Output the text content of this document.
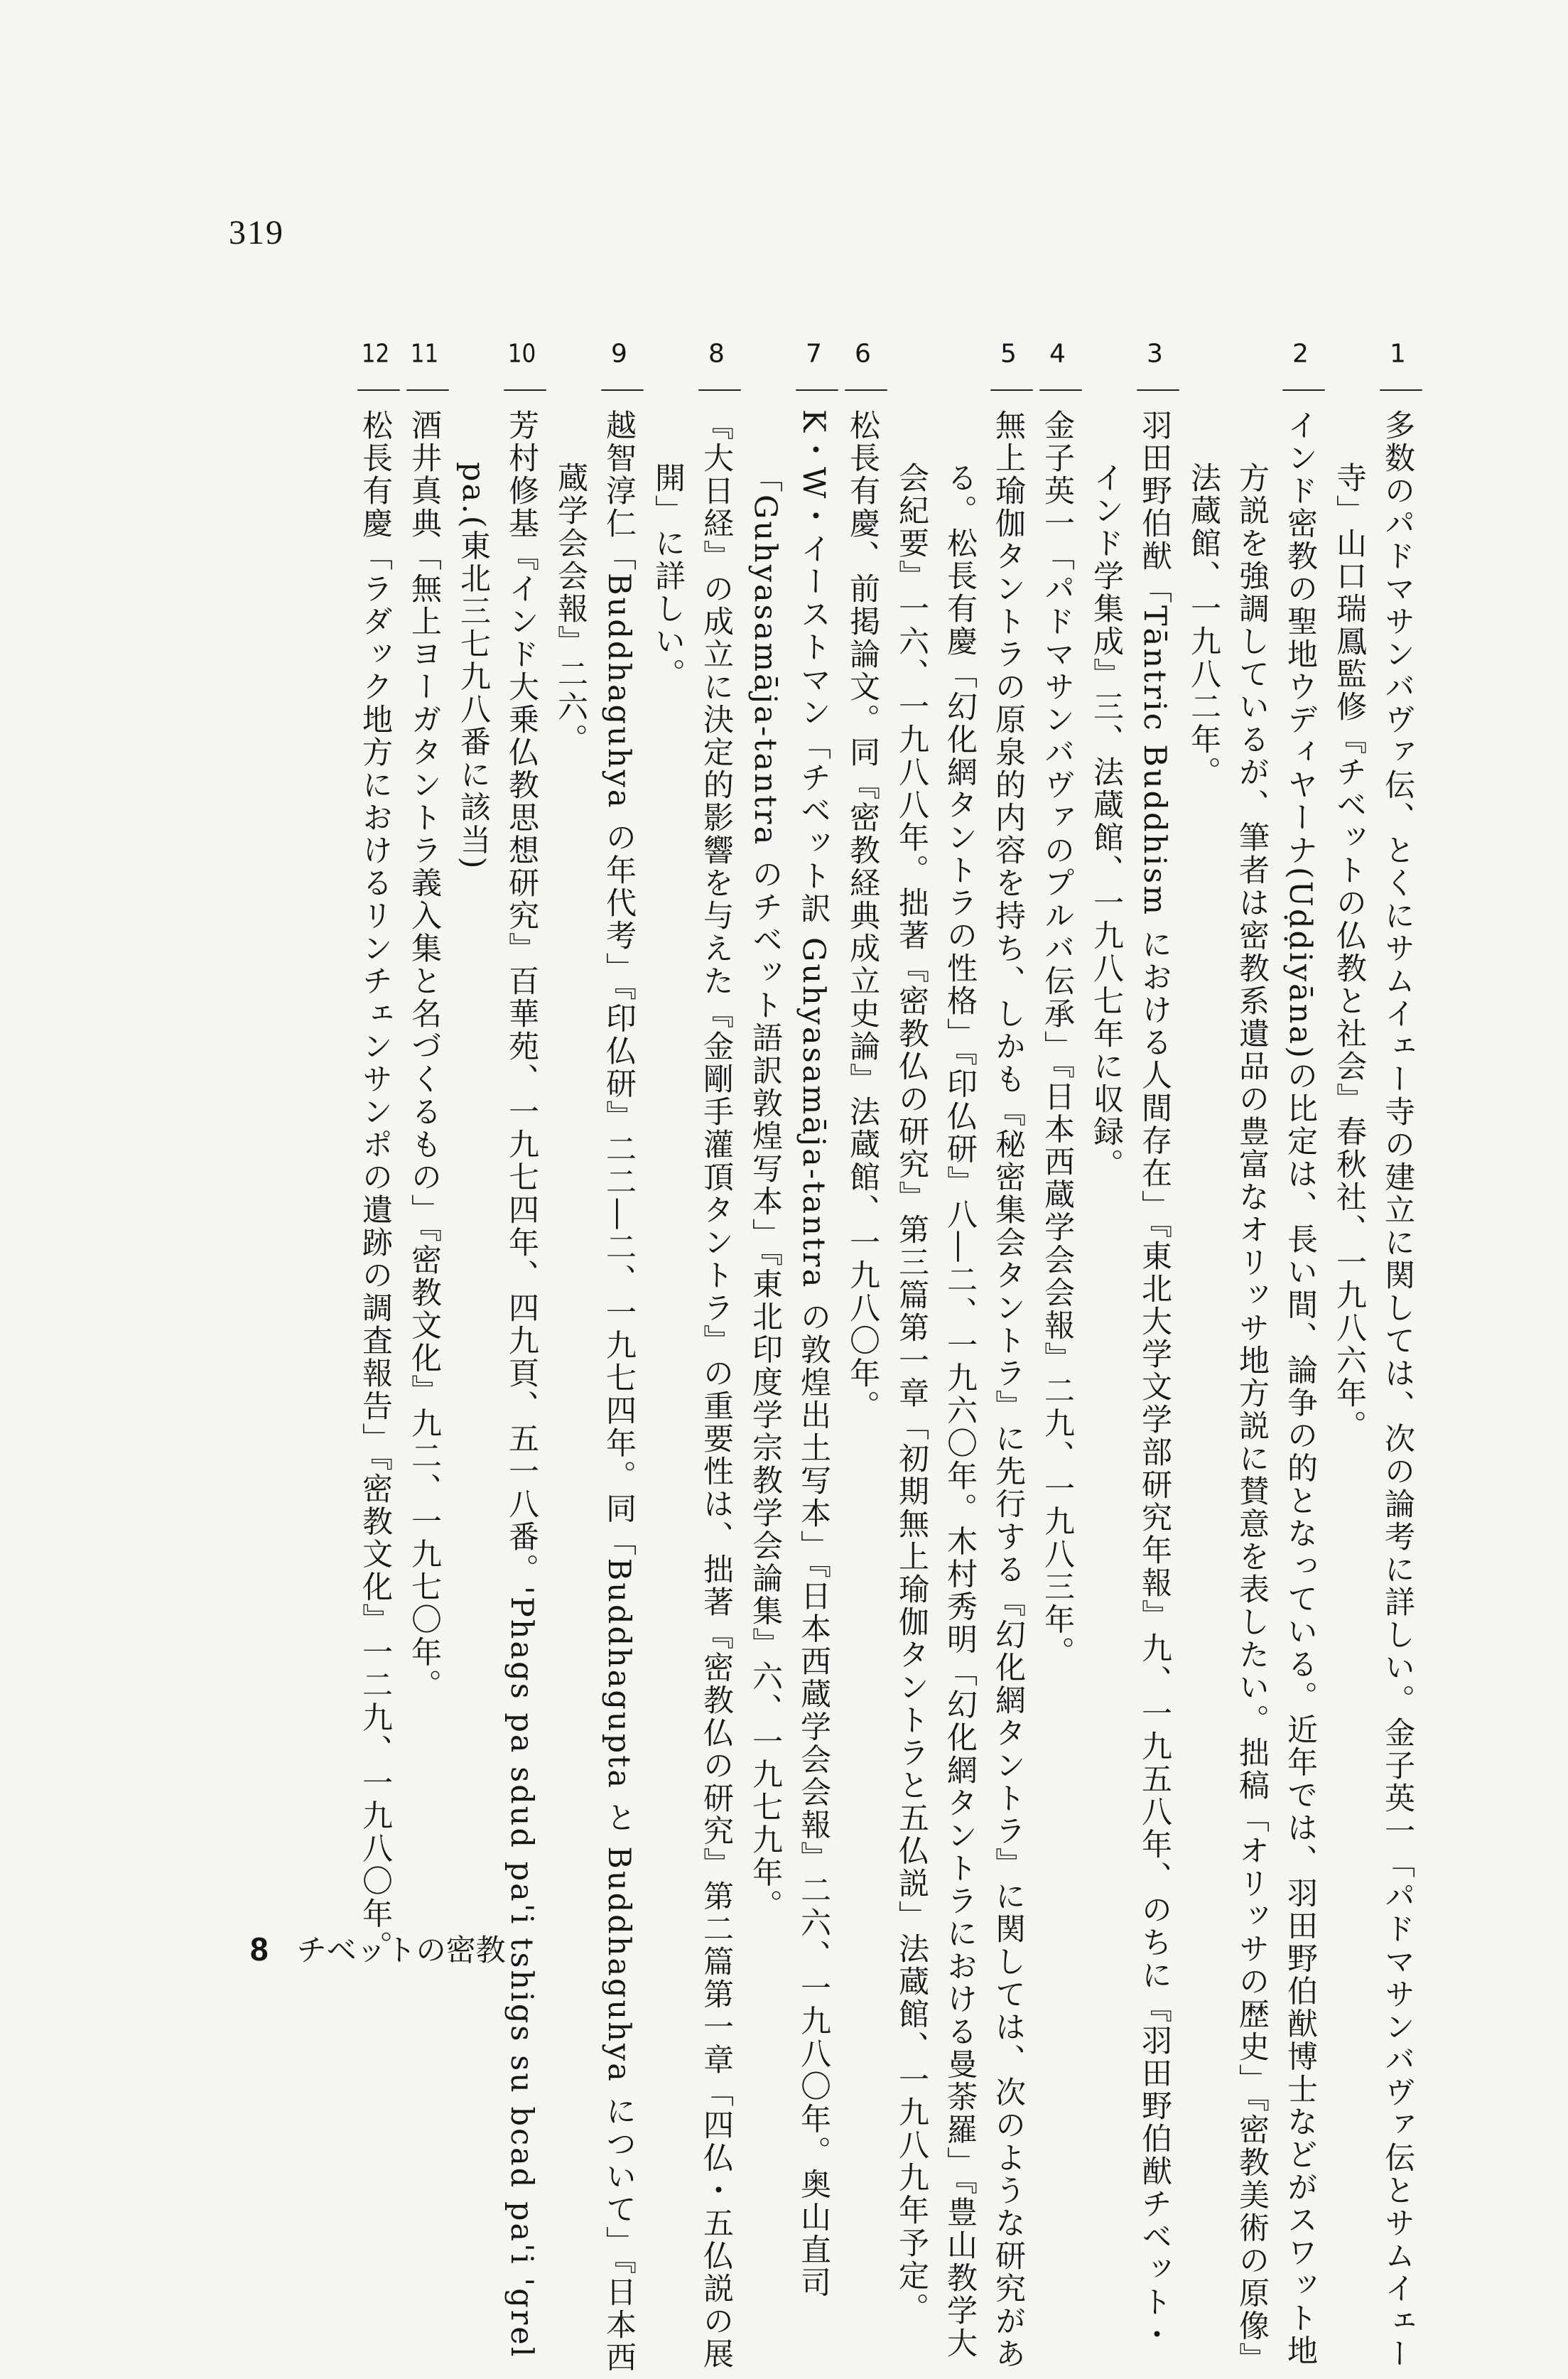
319
1多数のパドマサンバヴァ伝、とくにサムイェー寺の建立に関しては、次の論考に詳しい。金子英一「パドマサンバヴァ伝とサムイェー寺」山口瑞鳳監修『チベットの仏教と社会』春秋社、一九八六年。
2インド密教の聖地ウディヤーナ(Uḍḍiyāna)の比定は、長い間、論争の的となっている。近年では、羽田野伯猷博士などがスワット地方説を強調しているが、筆者は密教系遺品の豊富なオリッサ地方説に賛意を表したい。拙稿「オリッサの歴史」『密教美術の原像』法蔵館、一九八二年。
3羽田野伯猷「Tāntric Buddhism における人間存在」『東北大学文学部研究年報』九、一九五八年、のちに『羽田野伯猷チベット・インド学集成』三、法蔵館、一九八七年に収録。
4金子英一「パドマサンバヴァのプルバ伝承」『日本西蔵学会会報』二九、一九八三年。
5無上瑜伽タントラの原泉的内容を持ち、しかも『秘密集会タントラ』に先行する『幻化網タントラ』に関しては、次のような研究がある。松長有慶「幻化網タントラの性格」『印仏研』八―二、一九六〇年。木村秀明「幻化網タントラにおける曼荼羅」『豊山教学大会紀要』一六、一九八八年。拙著『密教仏の研究』第三篇第一章「初期無上瑜伽タントラと五仏説」法蔵館、一九八九年予定。
6松長有慶、前掲論文。同『密教経典成立史論』法蔵館、一九八〇年。
7K・W・イーストマン「チベット訳 Guhyasamāja-tantra の敦煌出土写本」『日本西蔵学会会報』二六、一九八〇年。奥山直司「Guhyasamāja-tantra のチベット語訳敦煌写本」『東北印度学宗教学会論集』六、一九七九年。
8『大日経』の成立に決定的影響を与えた『金剛手灌頂タントラ』の重要性は、拙著『密教仏の研究』第二篇第一章「四仏・五仏説の展開」に詳しい。
9越智淳仁「Buddhaguhya の年代考」『印仏研』二二―二、一九七四年。同「Buddhagupta と Buddhaguhya について」『日本西蔵学会会報』二六。
10芳村修基『インド大乗仏教思想研究』百華苑、一九七四年、四九頁、五一八番。'Phags pa sdud pa'i tshigs su bcad pa'i 'grel pa.(東北三七九八番に該当)
11酒井真典「無上ヨーガタントラ義入集と名づくるもの」『密教文化』九二、一九七〇年。
12松長有慶「ラダック地方におけるリンチェンサンポの遺跡の調査報告」『密教文化』一二九、一九八〇年。
8 チベットの密教
